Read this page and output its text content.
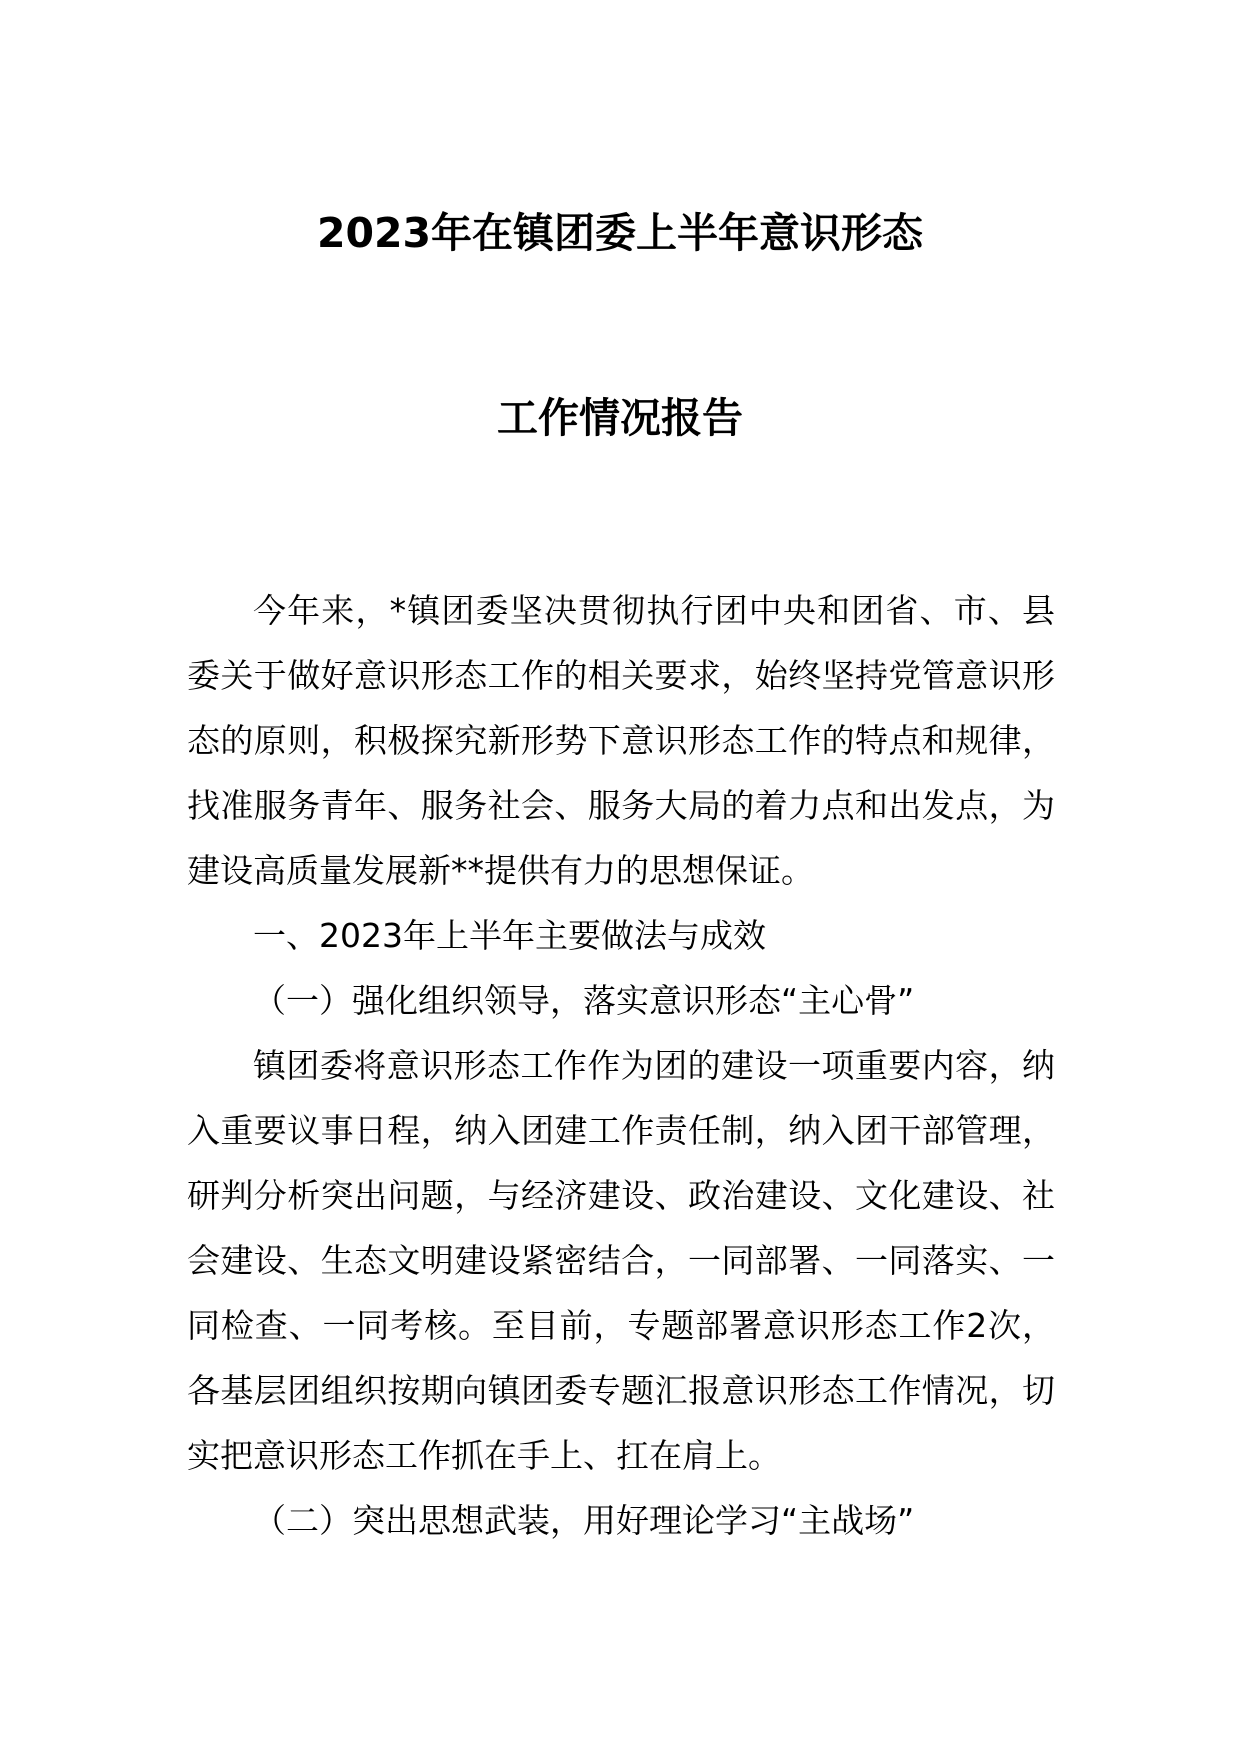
2023年在镇团委上半年意识形态
工作情况报告

今年来，*镇团委坚决贯彻执行团中央和团省、市、县委关于做好意识形态工作的相关要求，始终坚持党管意识形态的原则，积极探究新形势下意识形态工作的特点和规律，找准服务青年、服务社会、服务大局的着力点和出发点，为建设高质量发展新**提供有力的思想保证。

一、2023年上半年主要做法与成效

（一）强化组织领导，落实意识形态“主心骨”

镇团委将意识形态工作作为团的建设一项重要内容，纳入重要议事日程，纳入团建工作责任制，纳入团干部管理，研判分析突出问题，与经济建设、政治建设、文化建设、社会建设、生态文明建设紧密结合，一同部署、一同落实、一同检查、一同考核。至目前，专题部署意识形态工作2次，各基层团组织按期向镇团委专题汇报意识形态工作情况，切实把意识形态工作抓在手上、扛在肩上。

（二）突出思想武装，用好理论学习“主战场”
